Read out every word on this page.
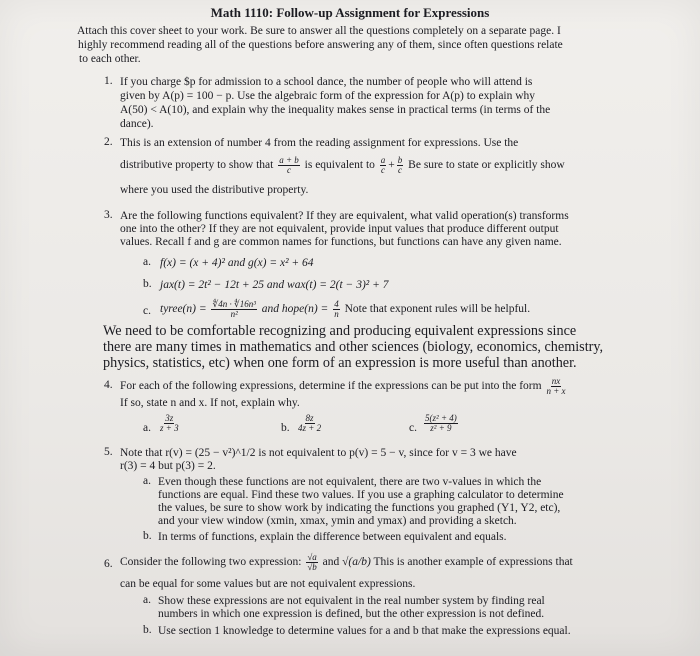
Math 1110: Follow-up Assignment for Expressions
Attach this cover sheet to your work. Be sure to answer all the questions completely on a separate page. I
highly recommend reading all of the questions before answering any of them, since often questions relate
to each other.
1. If you charge $p for admission to a school dance, the number of people who will attend is
given by A(p) = 100 − p. Use the algebraic form of the expression for A(p) to explain why
A(50) < A(10), and explain why the inequality makes sense in practical terms (in terms of the
dance).
2. This is an extension of number 4 from the reading assignment for expressions. Use the
distributive property to show that $\frac{a + b}{c}$ is equivalent to $\frac{a}{c} + \frac{b}{c}$ Be sure to state or explicitly show
where you used the distributive property.
3. Are the following functions equivalent? If they are equivalent, what valid operation(s) transforms
one into the other? If they are not equivalent, provide input values that produce different output
values. Recall f and g are common names for functions, but functions can have any given name.
a. f(x) = (x + 4)² and g(x) = x² + 64
b. jax(t) = 2t² − 12t + 25 and wax(t) = 2(t − 3)² + 7
c. tyree(n) = $\frac{\text{∜4n · ∜16n³}}{\text{n²}}$ and hope(n) = $\frac{4}{n}$ Note that exponent rules will be helpful.
We need to be comfortable recognizing and producing equivalent expressions since
there are many times in mathematics and other sciences (biology, economics, chemistry,
physics, statistics, etc) when one form of an expression is more useful than another.
4. For each of the following expressions, determine if the expressions can be put into the form $\frac{nx}{n + x}$
If so, state n and x. If not, explain why.
a. $\frac{3z}{z + 3}$	b. $\frac{8z}{4z + 2}$	c. $\frac{\text{5(z² + 4)}}{\text{z² + 9}}$
5. Note that r(v) = (25 − v²)^1/2 is not equivalent to p(v) = 5 − v, since for v = 3 we have
r(3) = 4 but p(3) = 2.
a. Even though these functions are not equivalent, there are two v-values in which the
functions are equal. Find these two values. If you use a graphing calculator to determine
the values, be sure to show work by indicating the functions you graphed (Y1, Y2, etc),
and your view window (xmin, xmax, ymin and ymax) and providing a sketch.
b. In terms of functions, explain the difference between equivalent and equals.
6. Consider the following two expression: $\frac{√a}{√b}$ and √(a/b) This is another example of expressions that
can be equal for some values but are not equivalent expressions.
a. Show these expressions are not equivalent in the real number system by finding real
numbers in which one expression is defined, but the other expression is not defined.
b. Use section 1 knowledge to determine values for a and b that make the expressions equal.
